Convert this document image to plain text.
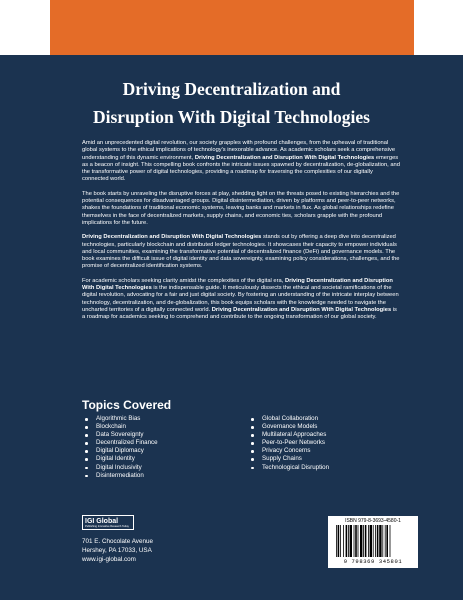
Driving Decentralization and
Disruption With Digital Technologies

Amid an unprecedented digital revolution, our society grapples with profound challenges, from the upheaval of traditional global systems to the ethical implications of technology's inexorable advance. As academic scholars seek a comprehensive understanding of this dynamic environment, Driving Decentralization and Disruption With Digital Technologies emerges as a beacon of insight. This compelling book confronts the intricate issues spawned by decentralization, de-globalization, and the transformative power of digital technologies, providing a roadmap for traversing the complexities of our digitally connected world.

The book starts by unraveling the disruptive forces at play, shedding light on the threats posed to existing hierarchies and the potential consequences for disadvantaged groups. Digital disintermediation, driven by platforms and peer-to-peer networks, shakes the foundations of traditional economic systems, leaving banks and markets in flux. As global relationships redefine themselves in the face of decentralized markets, supply chains, and economic ties, scholars grapple with the profound implications for the future.

Driving Decentralization and Disruption With Digital Technologies stands out by offering a deep dive into decentralized technologies, particularly blockchain and distributed ledger technologies. It showcases their capacity to empower individuals and local communities, examining the transformative potential of decentralized finance (DeFi) and governance models. The book examines the difficult issue of digital identity and data sovereignty, examining policy considerations, challenges, and the promise of decentralized identification systems.

For academic scholars seeking clarity amidst the complexities of the digital era, Driving Decentralization and Disruption With Digital Technologies is the indispensable guide. It meticulously dissects the ethical and societal ramifications of the digital revolution, advocating for a fair and just digital society. By fostering an understanding of the intricate interplay between technology, decentralization, and de-globalization, this book equips scholars with the knowledge needed to navigate the uncharted territories of a digitally connected world. Driving Decentralization and Disruption With Digital Technologies is a roadmap for academics seeking to comprehend and contribute to the ongoing transformation of our global society.

Topics Covered
Algorithmic Bias
Blockchain
Data Sovereignty
Decentralized Finance
Digital Diplomacy
Digital Identity
Digital Inclusivity
Disintermediation
Global Collaboration
Governance Models
Multilateral Approaches
Peer-to-Peer Networks
Privacy Concerns
Supply Chains
Technological Disruption
IGI Global
Publishing Innovative Research Today
701 E. Chocolate Avenue
Hershey, PA 17033, USA
www.igi-global.com
ISBN 979-8-3693-4580-1
9 798369 345801
